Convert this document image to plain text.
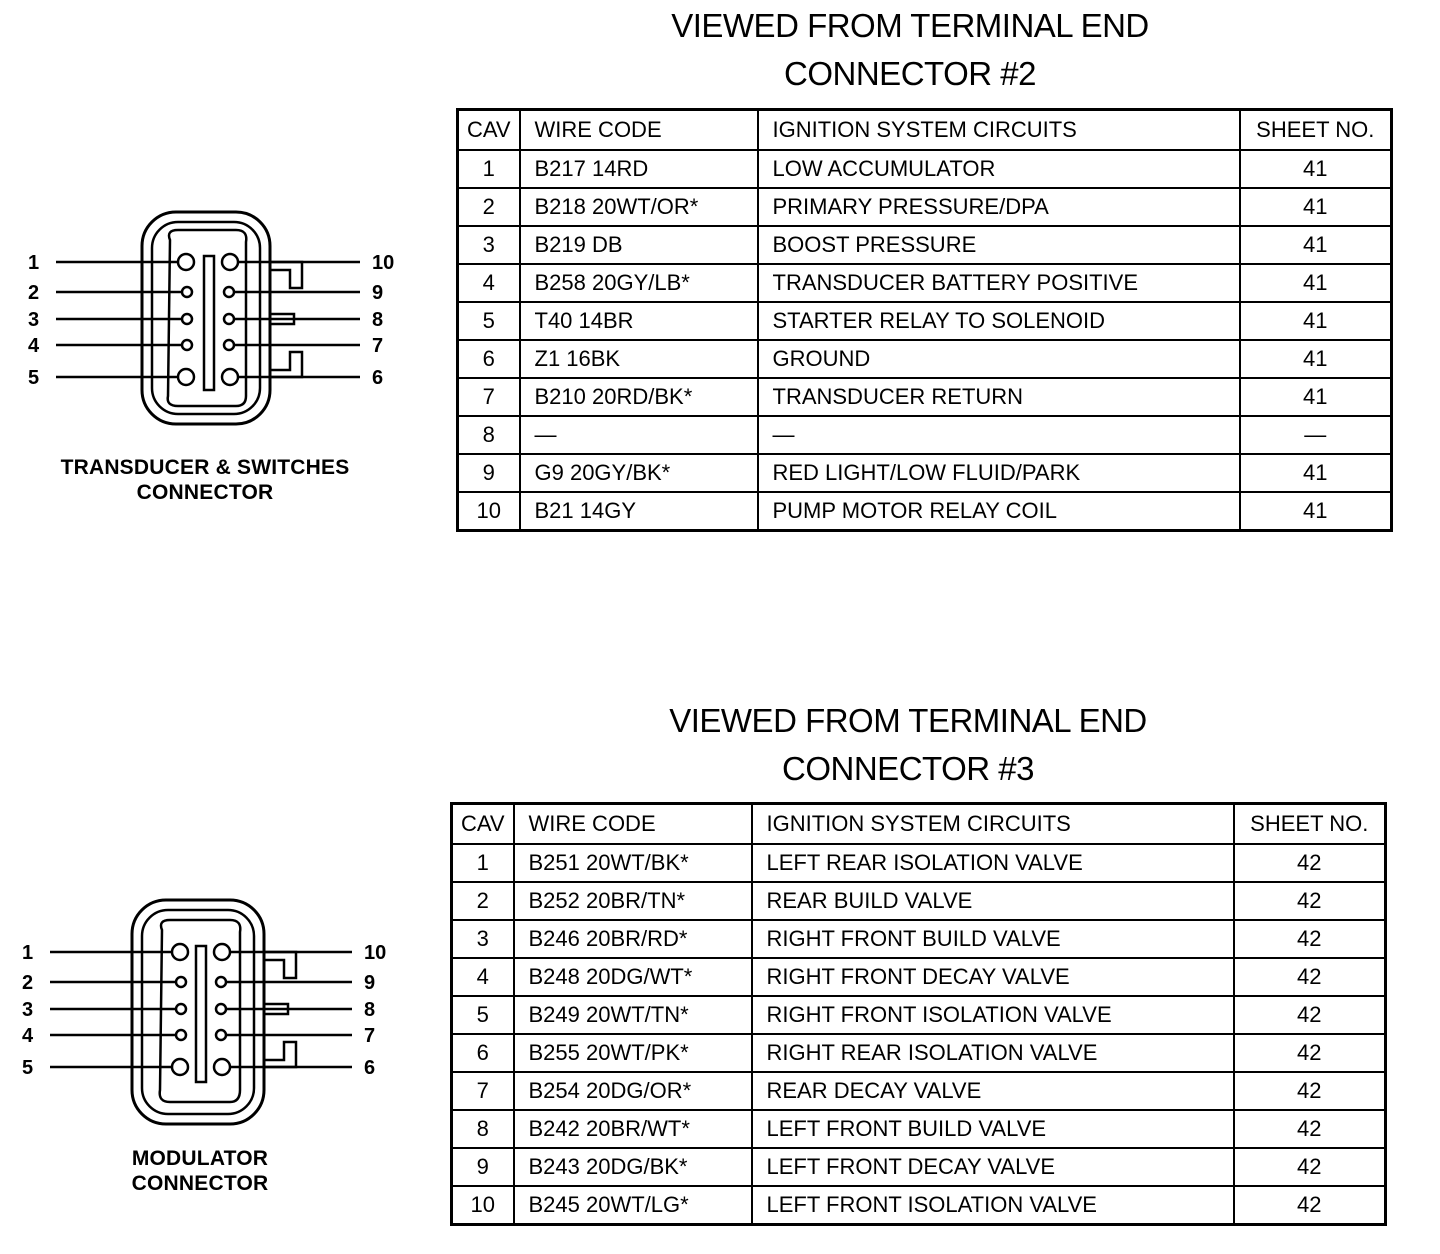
VIEWED FROM TERMINAL END
CONNECTOR #2
1
2
3
4
5
10
9
8
7
6
TRANSDUCER & SWITCHES
CONNECTOR
CAV	WIRE CODE	IGNITION SYSTEM CIRCUITS	SHEET NO.
1	B217 14RD	LOW ACCUMULATOR	41
2	B218 20WT/OR*	PRIMARY PRESSURE/DPA	41
3	B219 DB	BOOST PRESSURE	41
4	B258 20GY/LB*	TRANSDUCER BATTERY POSITIVE	41
5	T40 14BR	STARTER RELAY TO SOLENOID	41
6	Z1 16BK	GROUND	41
7	B210 20RD/BK*	TRANSDUCER RETURN	41
8	—	—	—
9	G9 20GY/BK*	RED LIGHT/LOW FLUID/PARK	41
10	B21 14GY	PUMP MOTOR RELAY COIL	41
VIEWED FROM TERMINAL END
CONNECTOR #3
1
2
3
4
5
10
9
8
7
6
MODULATOR
CONNECTOR
CAV	WIRE CODE	IGNITION SYSTEM CIRCUITS	SHEET NO.
1	B251 20WT/BK*	LEFT REAR ISOLATION VALVE	42
2	B252 20BR/TN*	REAR BUILD VALVE	42
3	B246 20BR/RD*	RIGHT FRONT BUILD VALVE	42
4	B248 20DG/WT*	RIGHT FRONT DECAY VALVE	42
5	B249 20WT/TN*	RIGHT FRONT ISOLATION VALVE	42
6	B255 20WT/PK*	RIGHT REAR ISOLATION VALVE	42
7	B254 20DG/OR*	REAR DECAY VALVE	42
8	B242 20BR/WT*	LEFT FRONT BUILD VALVE	42
9	B243 20DG/BK*	LEFT FRONT DECAY VALVE	42
10	B245 20WT/LG*	LEFT FRONT ISOLATION VALVE	42
